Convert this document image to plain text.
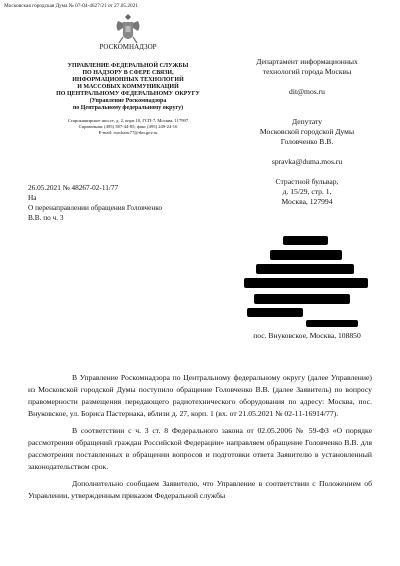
Московская городская Дума № 07-04-4627/21 от 27.05.2021
РОСКОМНАДЗОР
УПРАВЛЕНИЕ ФЕДЕРАЛЬНОЙ СЛУЖБЫ
ПО НАДЗОРУ В СФЕРЕ СВЯЗИ,
ИНФОРМАЦИОННЫХ ТЕХНОЛОГИЙ
И МАССОВЫХ КОММУНИКАЦИЙ
ПО ЦЕНТРАЛЬНОМУ ФЕДЕРАЛЬНОМУ ОКРУГУ
(Управление Роскомнадзора
по Центральному федеральному округу)
Старокаширское шоссе, д. 2, корп.10, ГСП-7, Москва, 117997
Справочная: (495) 587-44-85; факс (495) 249-24-16
E-mail: rsockanc77@rkn.gov.ru
26.05.2021 № 48267-02-11/77
На
О перенаправлении обращения Головченко
В.В. по ч. 3
Департамент информационных
технологий города Москвы
dit@mos.ru
Депутату
Московской городской Думы
Головченко В.В.
spravka@duma.mos.ru
Страстной бульвар,
д. 15/29, стр. 1,
Москва, 127994
пос. Внуковское, Москва, 108850

В Управление Роскомнадзора по Центральному федеральному округу (далее Управление) из Московской городской Думы поступило обращение Головченко В.В. (далее Заявитель) по вопросу правомерности размещения передающего радиотехнического оборудования по адресу: Москва, пос. Внуковское, ул. Бориса Пастернака, вблизи д. 27, корп. 1 (вх. от 21.05.2021 № 02-11-16914/77).

В соответствии с ч. 3 ст. 8 Федерального закона от 02.05.2006 № 59-ФЗ «О порядке рассмотрения обращений граждан Российской Федерации» направляем обращение Головченко В.В. для рассмотрения поставленных в обращении вопросов и подготовки ответа Заявителю в установленный законодательством срок.

Дополнительно сообщаем Заявителю, что Управление в соответствии с Положением об Управлении, утвержденным приказом Федеральной службы
